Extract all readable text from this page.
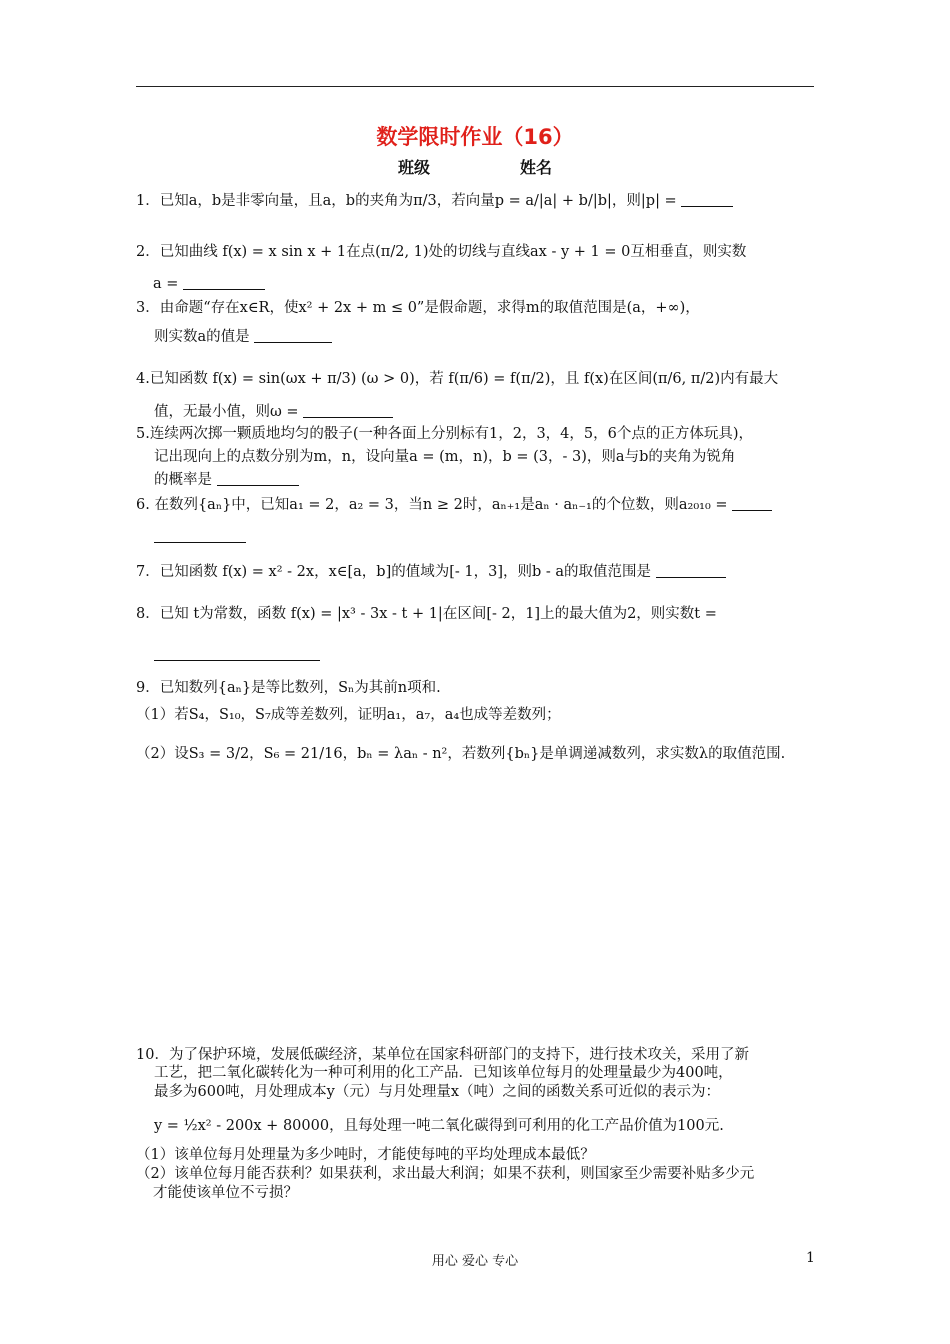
数学限时作业（16）
班级	姓名
1．已知a，b是非零向量，且a，b的夹角为π/3，若向量p = a/|a| + b/|b|，则|p| =
2．已知曲线 f(x) = x sin x + 1在点(π/2, 1)处的切线与直线ax - y + 1 = 0互相垂直，则实数
a =
3．由命题“存在x∈R，使x² + 2x + m ≤ 0”是假命题，求得m的取值范围是(a，+∞)，
则实数a的值是
4.已知函数 f(x) = sin(ωx + π/3) (ω > 0)，若 f(π/6) = f(π/2)，且 f(x)在区间(π/6, π/2)内有最大
值，无最小值，则ω =
5.连续两次掷一颗质地均匀的骰子(一种各面上分别标有1，2，3，4，5，6个点的正方体玩具)，
记出现向上的点数分别为m，n，设向量a = (m，n)，b = (3，- 3)，则a与b的夹角为锐角
的概率是
6. 在数列{aₙ}中，已知a₁ = 2，a₂ = 3，当n ≥ 2时，aₙ₊₁是aₙ · aₙ₋₁的个位数，则a₂₀₁₀ =
7．已知函数 f(x) = x² - 2x，x∈[a，b]的值域为[- 1，3]，则b - a的取值范围是
8．已知 t为常数，函数 f(x) = |x³ - 3x - t + 1|在区间[- 2，1]上的最大值为2，则实数t =
9．已知数列{aₙ}是等比数列，Sₙ为其前n项和.
（1）若S₄，S₁₀，S₇成等差数列，证明a₁，a₇，a₄也成等差数列；
（2）设S₃ = 3/2，S₆ = 21/16，bₙ = λaₙ - n²，若数列{bₙ}是单调递减数列，求实数λ的取值范围.
10．为了保护环境，发展低碳经济，某单位在国家科研部门的支持下，进行技术攻关，采用了新
工艺，把二氧化碳转化为一种可利用的化工产品．已知该单位每月的处理量最少为400吨，
最多为600吨，月处理成本y（元）与月处理量x（吨）之间的函数关系可近似的表示为：
y = ½x² - 200x + 80000，且每处理一吨二氧化碳得到可利用的化工产品价值为100元.
（1）该单位每月处理量为多少吨时，才能使每吨的平均处理成本最低？
（2）该单位每月能否获利？如果获利，求出最大利润；如果不获利，则国家至少需要补贴多少元
才能使该单位不亏损？
用心 爱心 专心	1
